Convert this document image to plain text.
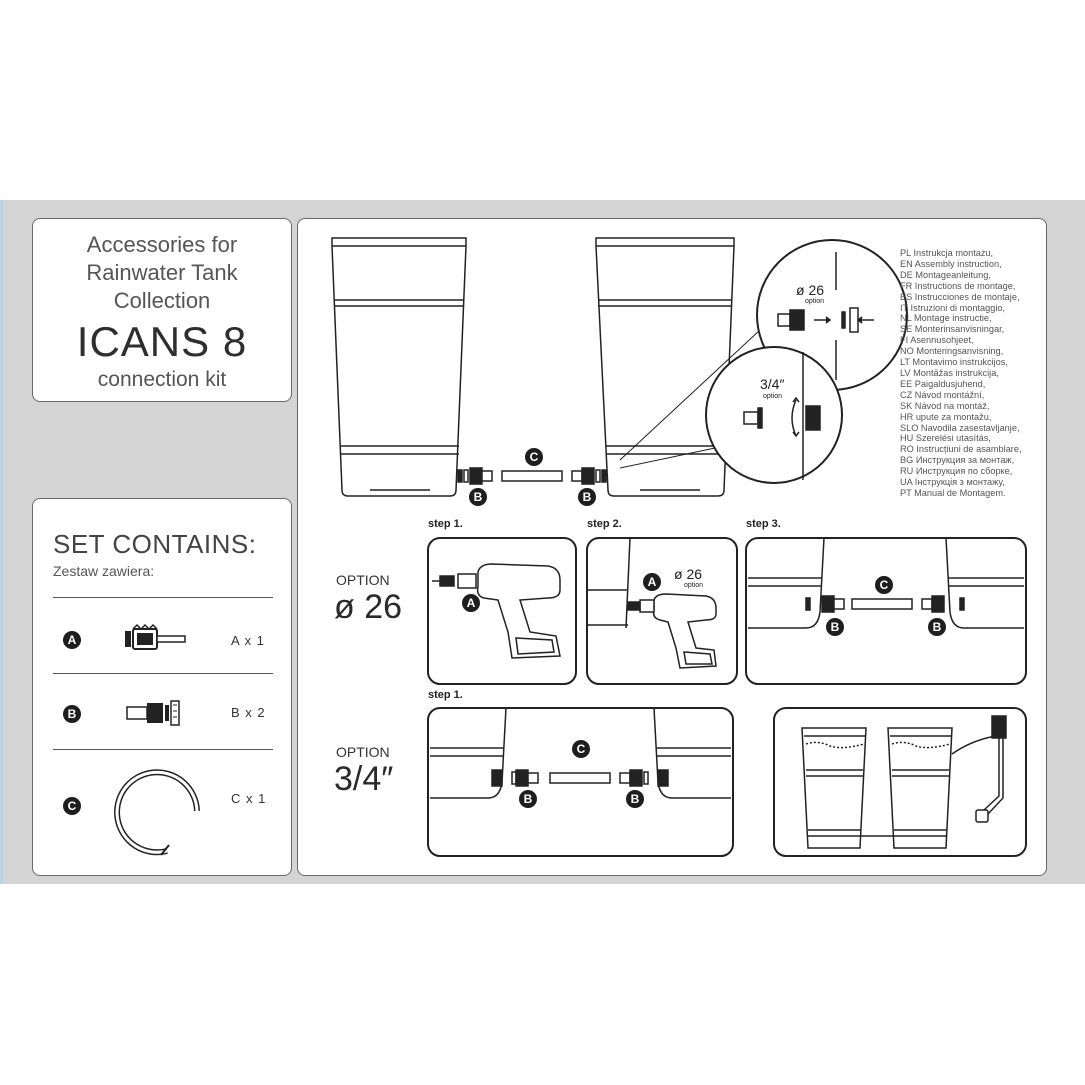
Accessories for
Rainwater Tank
Collection
ICANS 8
connection kit
SET CONTAINS:
Zestaw zawiera:
A	A x 1
B	B x 2
C	C x 1
PL Instrukcja montażu,
EN Assembly instruction,
DE Montageanleitung,
FR Instructions de montage,
ES Instrucciones de montaje,
IT Istruzioni di montaggio,
NL Montage instructie,
SE Monterinsanvisningar,
FI Asennusohjeet,
NO Monteringsanvisning,
LT Montavimo instrukcijos,
LV Montāžas instrukcija,
EE Paigaldusjuhend,
CZ Návod montážní,
SK Návod na montáž,
HR upute za montažu,
SLO Navodila zasestavljanje,
HU Szerelési utasítás,
RO Instrucțiuni de asamblare,
BG Инструкция за монтаж,
RU Инструкция по сборке,
UA Інструкція з монтажу,
PT Manual de Montagem.
ø 26
option
3/4″
option
ø 26
option
C
B	B
A
A	C
B	B
C
B	B
step 1.	step 2.	step 3.
step 1.
OPTION
ø 26
OPTION
3/4″
